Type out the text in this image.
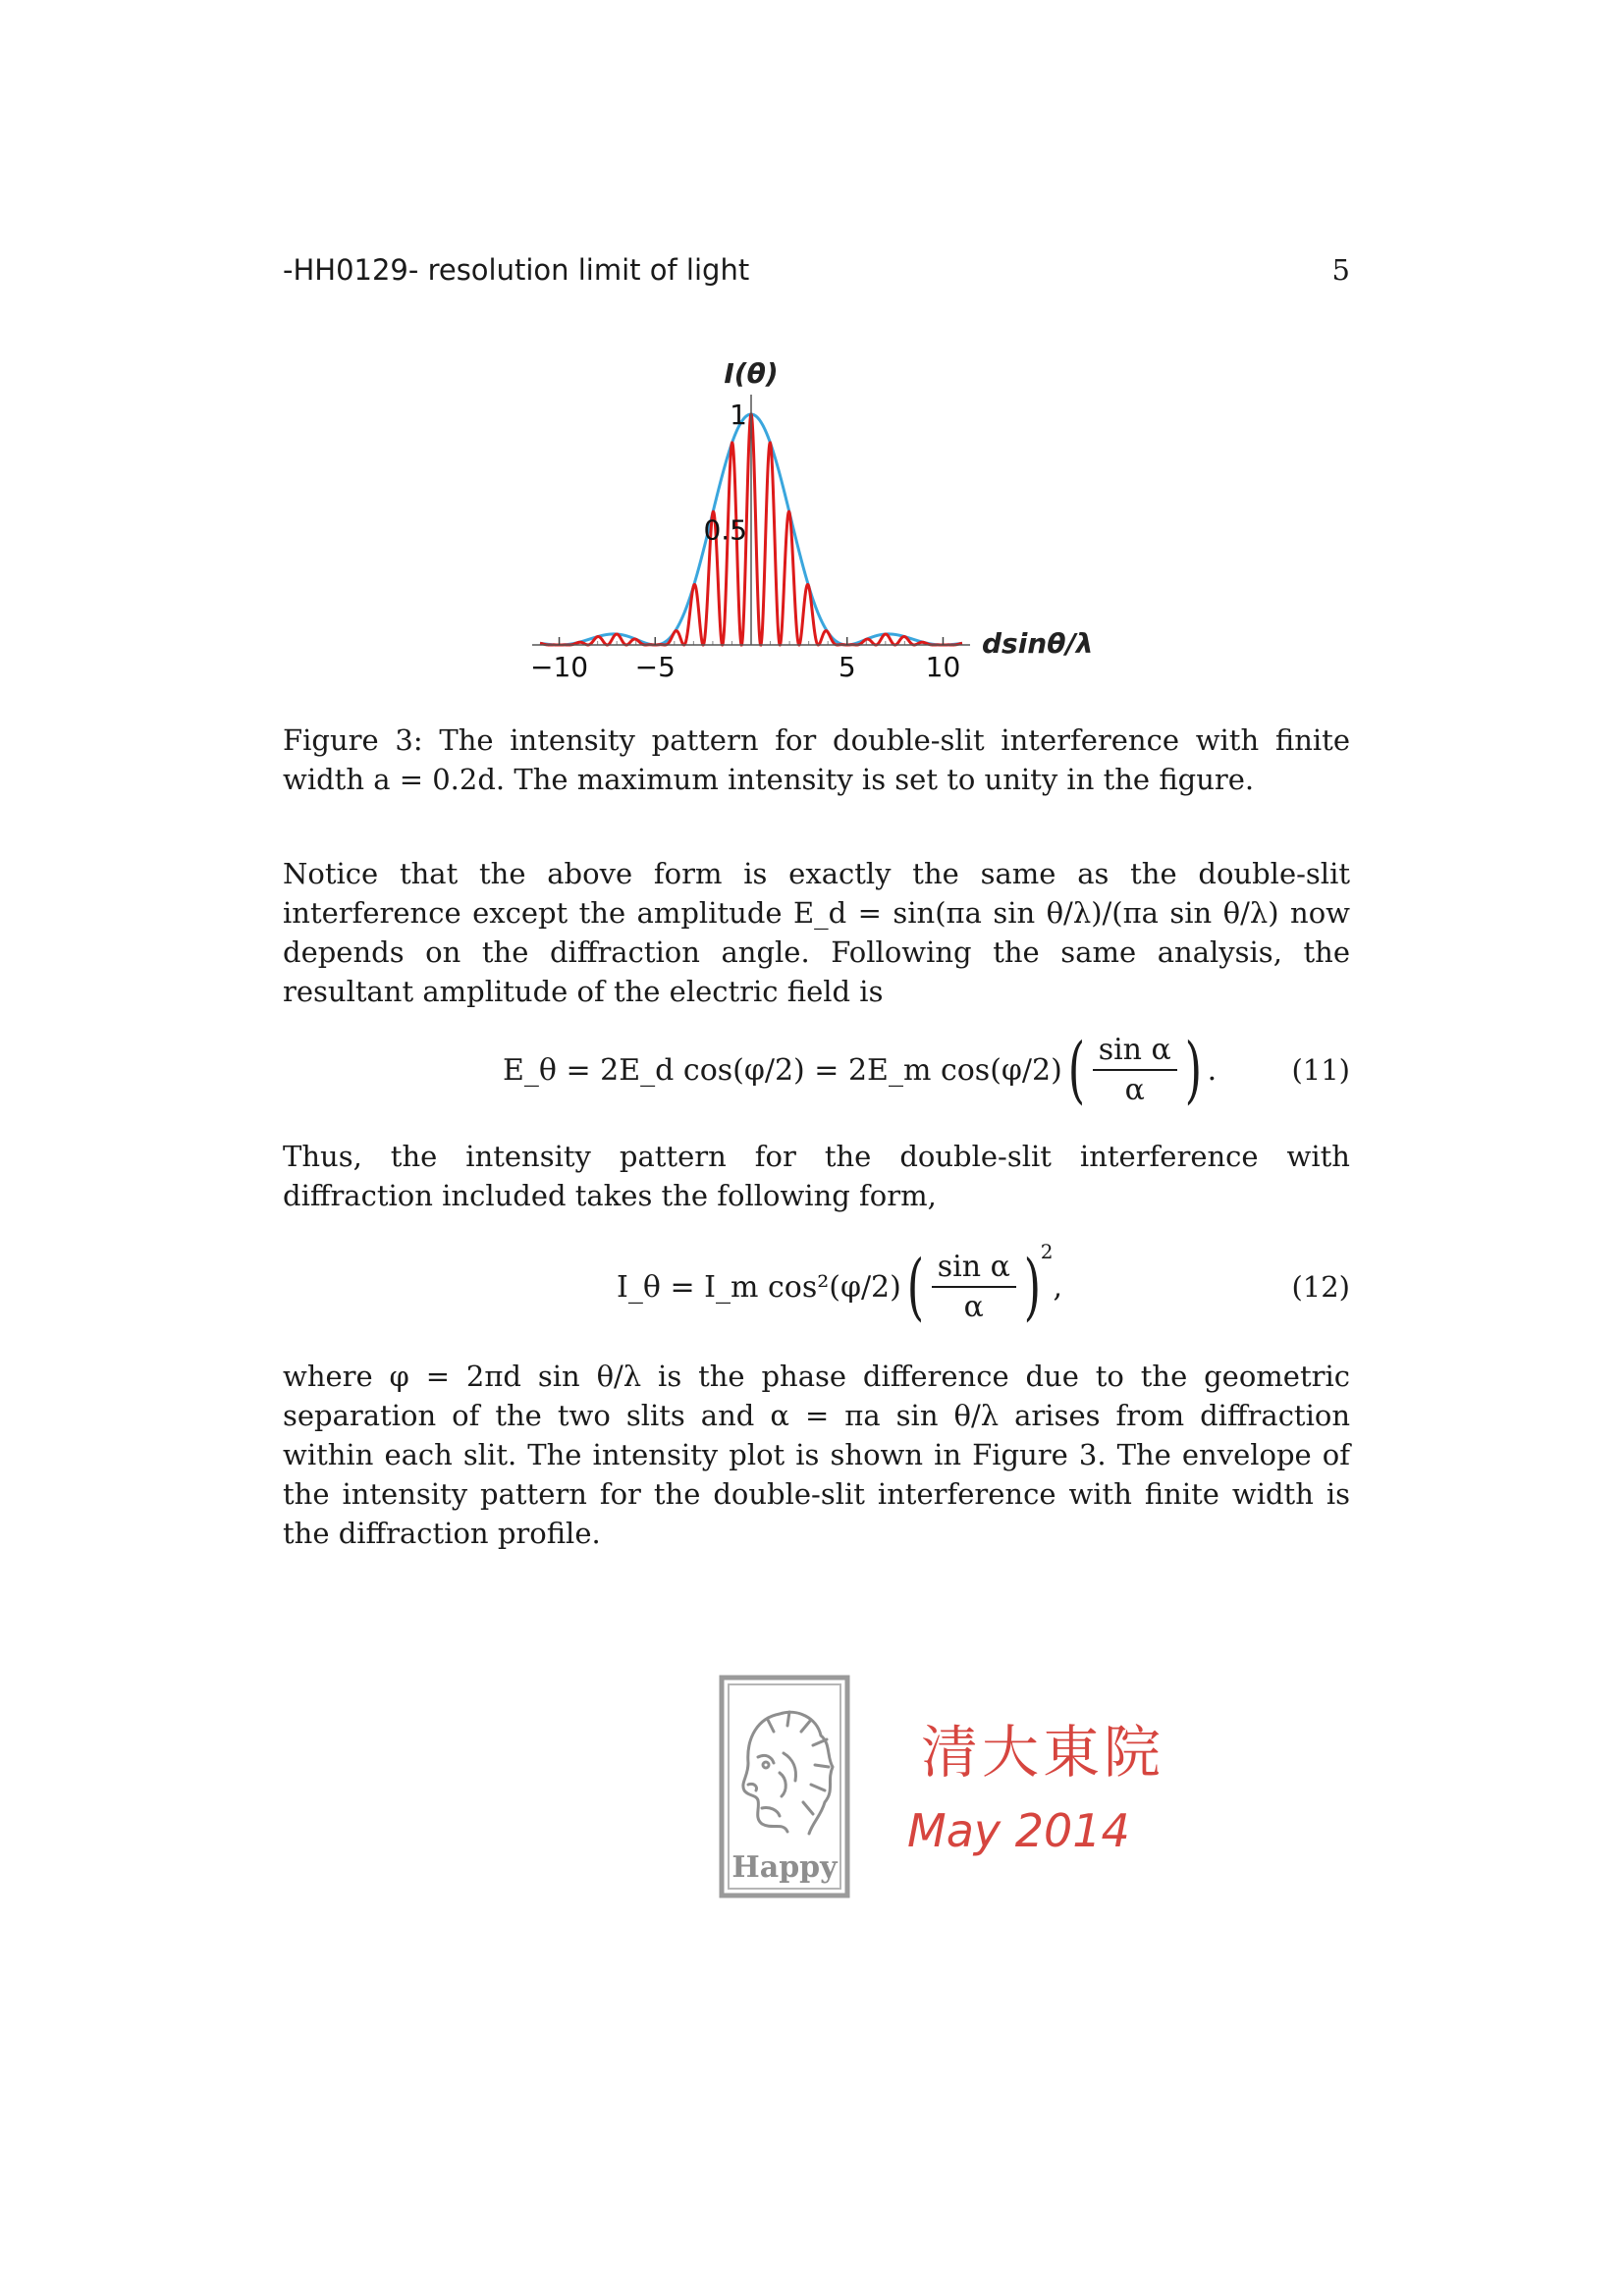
-HH0129- resolution limit of light	5
−10 −5	5	10
0.5
1
dsinθ/λ
I(θ)
Figure 3: The intensity pattern for double-slit interference with finite width a = 0.2d. The maximum intensity is set to unity in the figure.
Notice that the above form is exactly the same as the double-slit interference except the amplitude E_d = sin(πa sin θ/λ)/(πa sin θ/λ) now depends on the diffraction angle. Following the same analysis, the resultant amplitude of the electric field is
E_θ = 2E_d cos(φ/2) = 2E_m cos(φ/2) ( $\frac{\text{sin α}}{\alpha}$ ) .	(11)
Thus, the intensity pattern for the double-slit interference with diffraction included takes the following form,
I_θ = I_m cos²(φ/2) ( $\frac{\text{sin α}}{\alpha}$ ) 2
,	(12)
where φ = 2πd sin θ/λ is the phase difference due to the geometric separation of the two slits and α = πa sin θ/λ arises from diffraction within each slit. The intensity plot is shown in Figure 3. The envelope of the intensity pattern for the double-slit interference with finite width is the diffraction profile.
Happy
清大東院
May 2014
